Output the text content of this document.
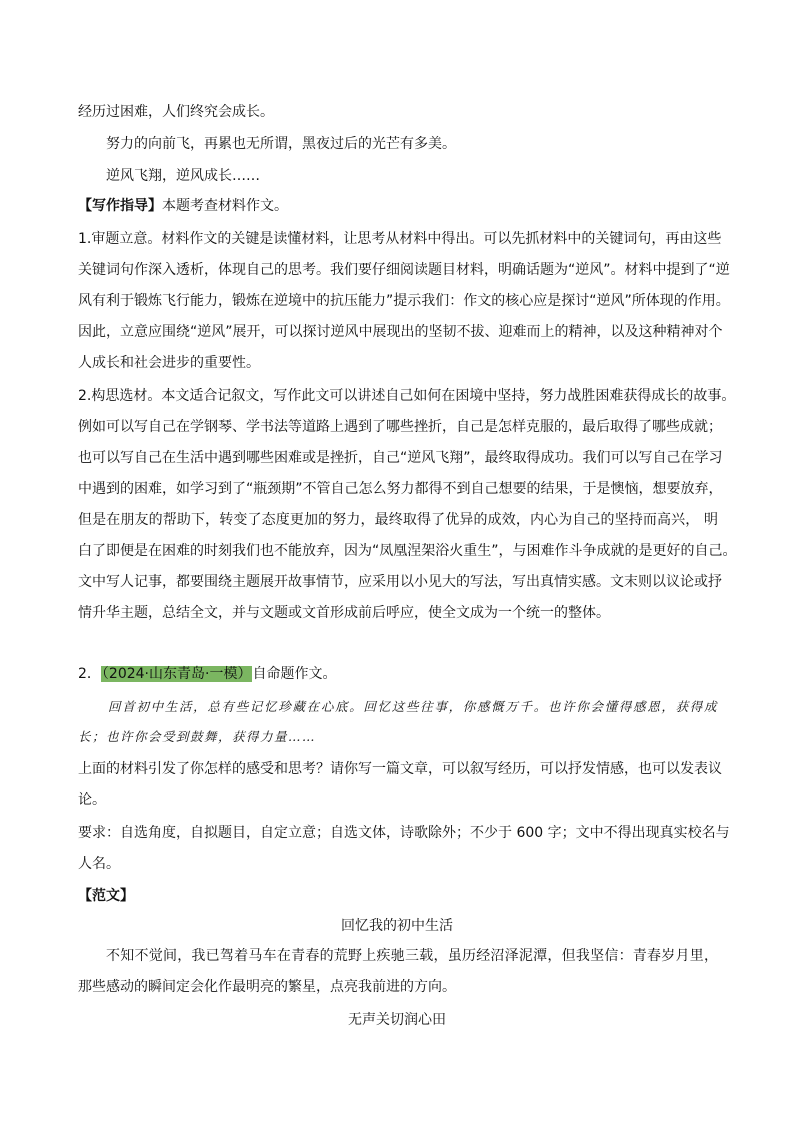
经历过困难，人们终究会成长。
努力的向前飞，再累也无所谓，黑夜过后的光芒有多美。
逆风飞翔，逆风成长……
【写作指导】本题考查材料作文。
1.审题立意。材料作文的关键是读懂材料，让思考从材料中得出。可以先抓材料中的关键词句，再由这些
关键词句作深入透析，体现自己的思考。我们要仔细阅读题目材料，明确话题为“逆风”。材料中提到了“逆
风有利于锻炼飞行能力，锻炼在逆境中的抗压能力”提示我们：作文的核心应是探讨“逆风”所体现的作用。
因此，立意应围绕“逆风”展开，可以探讨逆风中展现出的坚韧不拔、迎难而上的精神，以及这种精神对个
人成长和社会进步的重要性。
2.构思选材。本文适合记叙文，写作此文可以讲述自己如何在困境中坚持，努力战胜困难获得成长的故事。
例如可以写自己在学钢琴、学书法等道路上遇到了哪些挫折，自己是怎样克服的，最后取得了哪些成就；
也可以写自己在生活中遇到哪些困难或是挫折，自己“逆风飞翔”，最终取得成功。我们可以写自己在学习
中遇到的困难，如学习到了“瓶颈期”不管自己怎么努力都得不到自己想要的结果，于是懊恼，想要放弃，
但是在朋友的帮助下，转变了态度更加的努力，最终取得了优异的成效，内心为自己的坚持而高兴， 明
白了即便是在困难的时刻我们也不能放弃，因为“凤凰涅架浴火重生”，与困难作斗争成就的是更好的自己。
文中写人记事，都要围绕主题展开故事情节，应采用以小见大的写法，写出真情实感。文末则以议论或抒
情升华主题，总结全文，并与文题或文首形成前后呼应，使全文成为一个统一的整体。
2．（2024·山东青岛·一模）自命题作文。
回首初中生活，总有些记忆珍藏在心底。回忆这些往事，你感慨万千。也许你会懂得感恩，获得成
长；也许你会受到鼓舞，获得力量……
上面的材料引发了你怎样的感受和思考？请你写一篇文章，可以叙写经历，可以抒发情感，也可以发表议
论。
要求：自选角度，自拟题目，自定立意；自选文体，诗歌除外；不少于 600 字；文中不得出现真实校名与
人名。
【范文】
回忆我的初中生活
不知不觉间，我已驾着马车在青春的荒野上疾驰三载，虽历经沼泽泥潭，但我坚信：青春岁月里，
那些感动的瞬间定会化作最明亮的繁星，点亮我前进的方向。
无声关切润心田
